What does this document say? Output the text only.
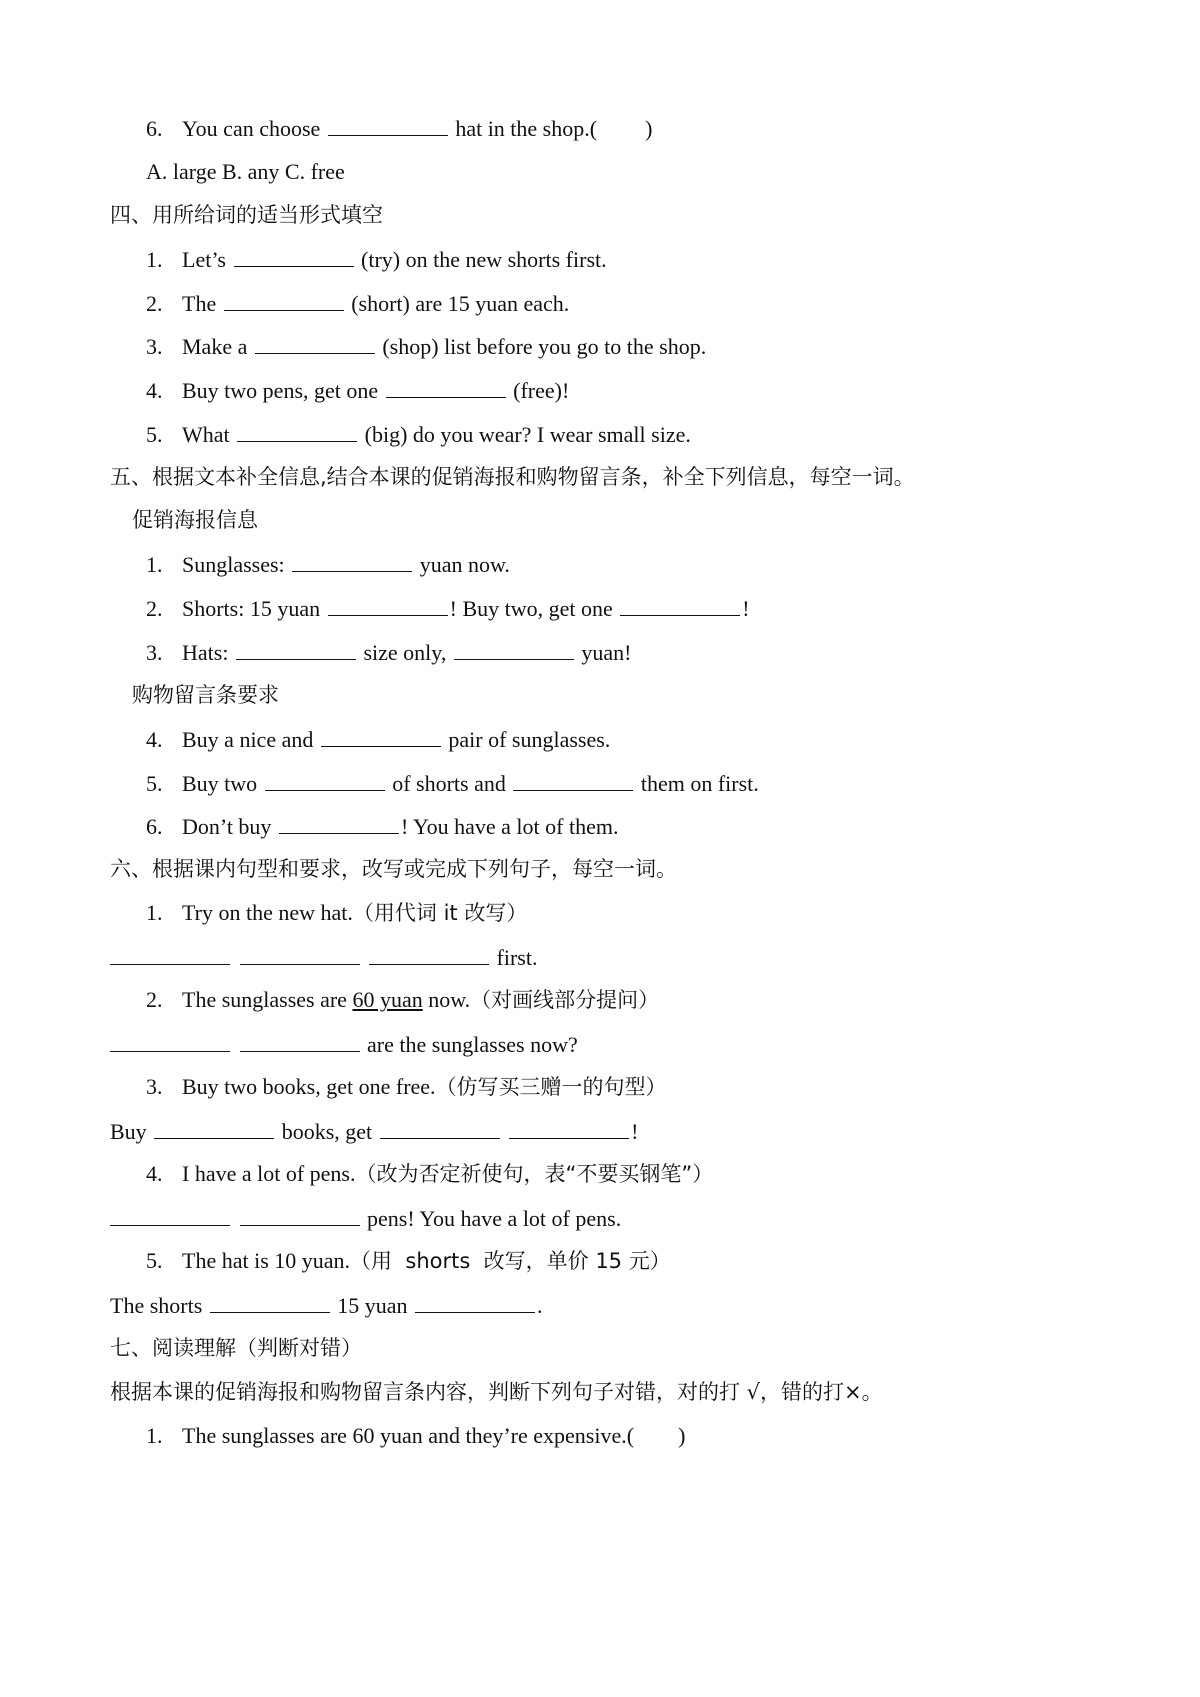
6. You can choose	hat in the shop.( )
A. large B. any C. free
四、用所给词的适当形式填空
1. Let’s	(try) on the new shorts first.
2. The	(short) are 15 yuan each.
3. Make a	(shop) list before you go to the shop.
4. Buy two pens, get one	(free)!
5. What	(big) do you wear? I wear small size.
五、根据文本补全信息,结合本课的促销海报和购物留言条，补全下列信息，每空一词。
促销海报信息
1. Sunglasses:	yuan now.
2. Shorts: 15 yuan	! Buy two, get one	!
3. Hats:	size only,	yuan!
购物留言条要求
4. Buy a nice and	pair of sunglasses.
5. Buy two	of shorts and	them on first.
6. Don’t buy	! You have a lot of them.
六、根据课内句型和要求，改写或完成下列句子，每空一词。
1. Try on the new hat.（用代词 it 改写）
first.
2. The sunglasses are 60 yuan now.（对画线部分提问）
are the sunglasses now?
3. Buy two books, get one free.（仿写买三赠一的句型）
Buy	books, get	!
4. I have a lot of pens.（改为否定祈使句，表“不要买钢笔”）
pens! You have a lot of pens.
5. The hat is 10 yuan.（用  shorts  改写，单价 15 元）
The shorts	15 yuan	.
七、阅读理解（判断对错）
根据本课的促销海报和购物留言条内容，判断下列句子对错，对的打 √，错的打×。
1. The sunglasses are 60 yuan and they’re expensive.( )
